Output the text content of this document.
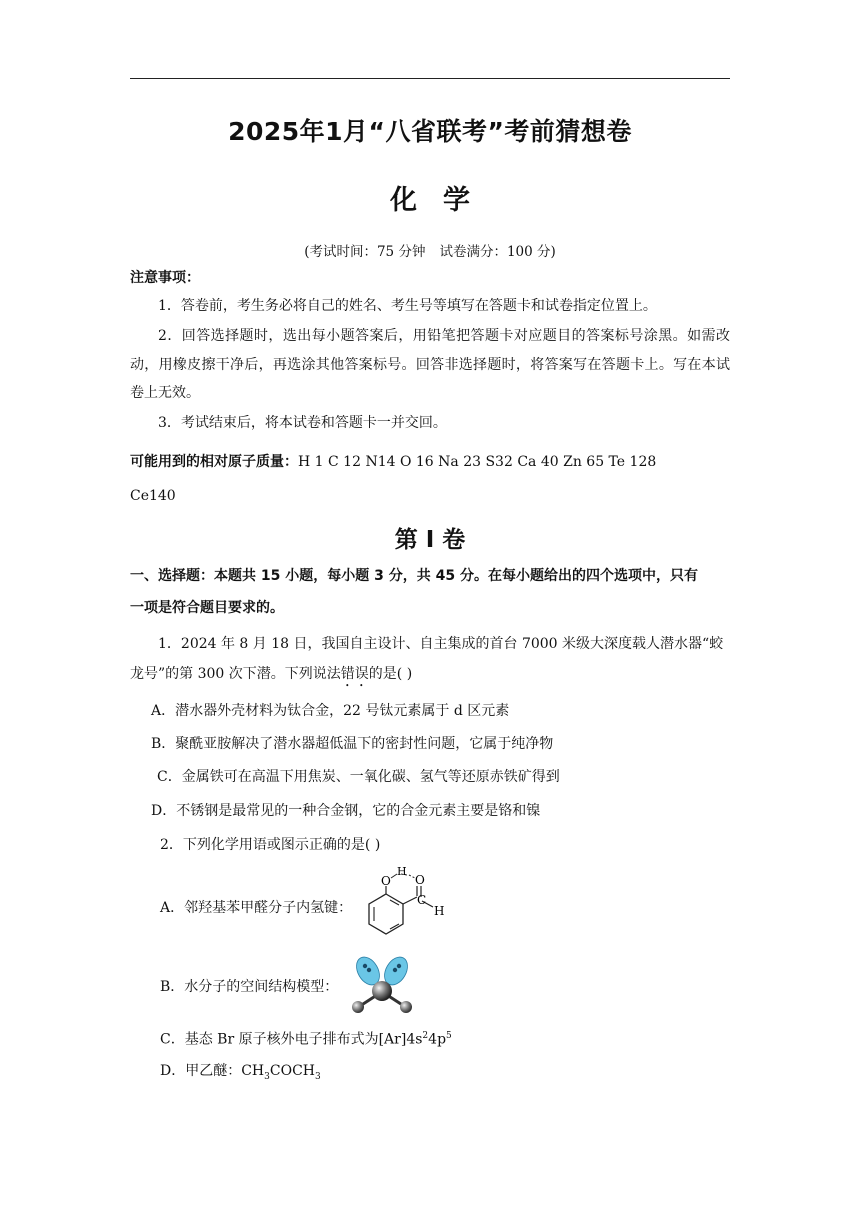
2025年1月“八省联考”考前猜想卷
化学
(考试时间：75 分钟 试卷满分：100 分)
注意事项：
1．答卷前，考生务必将自己的姓名、考生号等填写在答题卡和试卷指定位置上。
2．回答选择题时，选出每小题答案后，用铅笔把答题卡对应题目的答案标号涂黑。如需改动，用橡皮擦干净后，再选涂其他答案标号。回答非选择题时，将答案写在答题卡上。写在本试卷上无效。
3．考试结束后，将本试卷和答题卡一并交回。
可能用到的相对原子质量：H 1 C 12 N14 O 16 Na 23 S32 Ca 40 Zn 65 Te 128
Ce140
第 I 卷
一、选择题：本题共 15 小题，每小题 3 分，共 45 分。在每小题给出的四个选项中，只有
一项是符合题目要求的。
1．2024 年 8 月 18 日，我国自主设计、自主集成的首台 7000 米级大深度载人潜水器“蛟
龙号”的第 300 次下潜。下列说法错误的是( )
A．潜水器外壳材料为钛合金，22 号钛元素属于 d 区元素
B．聚酰亚胺解决了潜水器超低温下的密封性问题，它属于纯净物
C．金属铁可在高温下用焦炭、一氧化碳、氢气等还原赤铁矿得到
D．不锈钢是最常见的一种合金钢，它的合金元素主要是铬和镍
2．下列化学用语或图示正确的是( )
A．邻羟基苯甲醛分子内氢键：
O
H
C
O
H
B．水分子的空间结构模型：
C．基态 Br 原子核外电子排布式为$[Ar]4s^24p^5$
D．甲乙醚：$CH_3COCH_3$
